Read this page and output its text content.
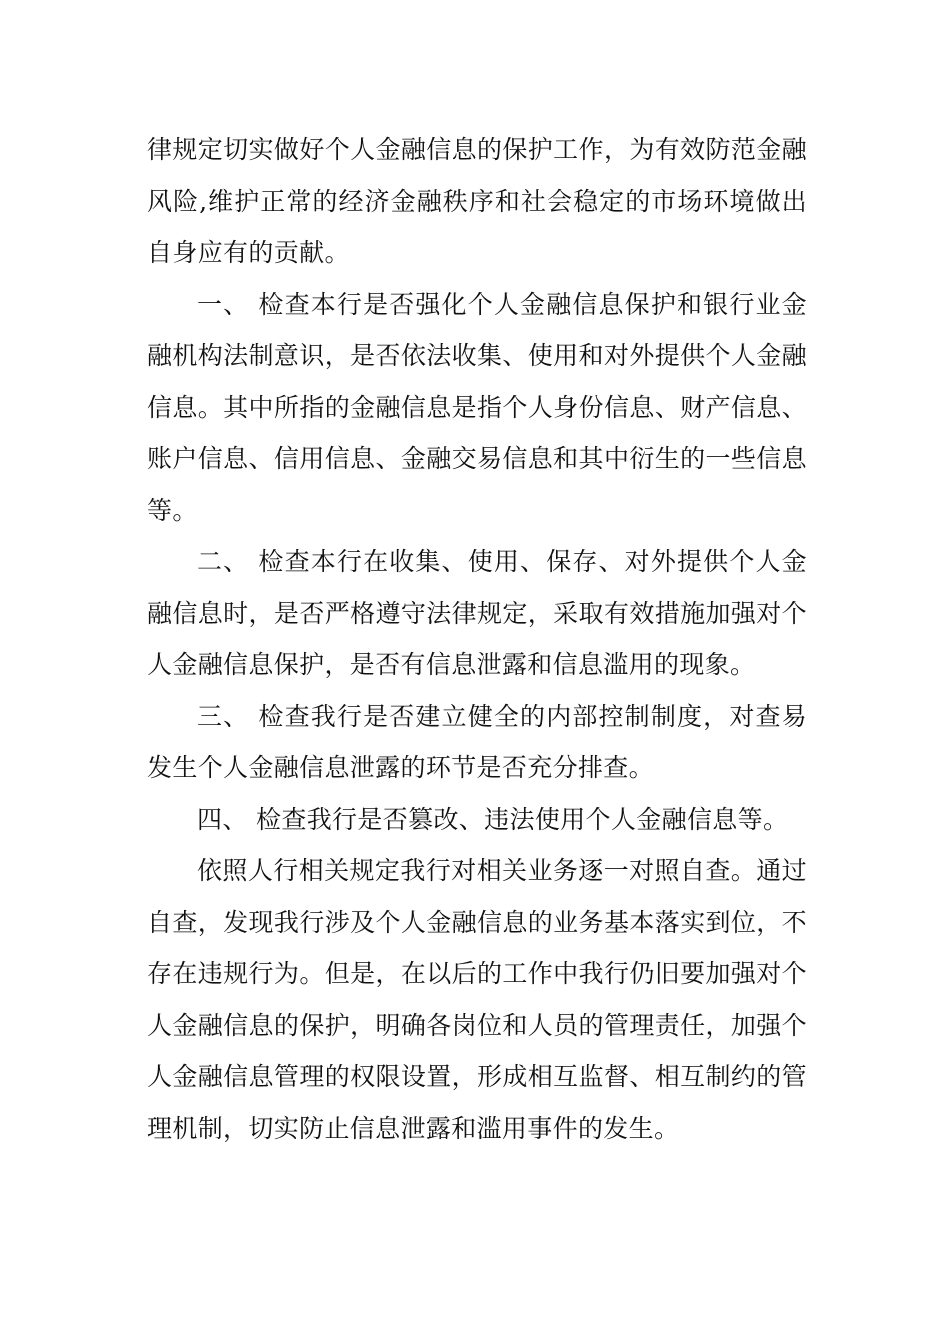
律规定切实做好个人金融信息的保护工作，为有效防范金融风险,维护正常的经济金融秩序和社会稳定的市场环境做出自身应有的贡献。

一、 检查本行是否强化个人金融信息保护和银行业金融机构法制意识，是否依法收集、使用和对外提供个人金融信息。其中所指的金融信息是指个人身份信息、财产信息、账户信息、信用信息、金融交易信息和其中衍生的一些信息等。

二、 检查本行在收集、使用、保存、对外提供个人金融信息时，是否严格遵守法律规定，采取有效措施加强对个人金融信息保护，是否有信息泄露和信息滥用的现象。

三、 检查我行是否建立健全的内部控制制度，对查易发生个人金融信息泄露的环节是否充分排查。

四、 检查我行是否篡改、违法使用个人金融信息等。

依照人行相关规定我行对相关业务逐一对照自查。通过自查，发现我行涉及个人金融信息的业务基本落实到位，不存在违规行为。但是，在以后的工作中我行仍旧要加强对个人金融信息的保护，明确各岗位和人员的管理责任，加强个人金融信息管理的权限设置，形成相互监督、相互制约的管理机制，切实防止信息泄露和滥用事件的发生。
